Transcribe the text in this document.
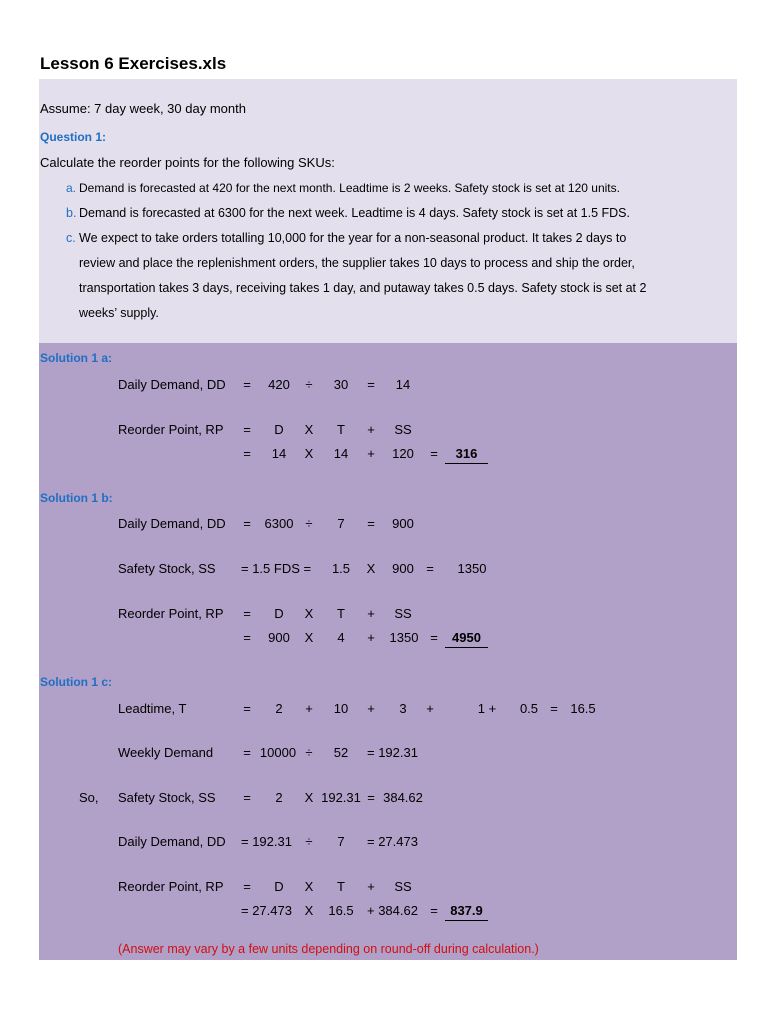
Lesson 6 Exercises.xls
Assume: 7 day week, 30 day month
Question 1:
Calculate the reorder points for the following SKUs:
a. Demand is forecasted at 420 for the next month. Leadtime is 2 weeks. Safety stock is set at 120 units.
b. Demand is forecasted at 6300 for the next week. Leadtime is 4 days. Safety stock is set at 1.5 FDS.
c. We expect to take orders totalling 10,000 for the year for a non-seasonal product. It takes 2 days to
review and place the replenishment orders, the supplier takes 10 days to process and ship the order,
transportation takes 3 days, receiving takes 1 day, and putaway takes 0.5 days. Safety stock is set at 2
weeks’ supply.
Solution 1 a:
Daily Demand, DD	=	420	÷	30	=	14
Reorder Point, RP	=	D	X	T	+	SS
=	14	X	14	+	120	=	316
Solution 1 b:
Daily Demand, DD	=	6300 ÷	7	=	900
Safety Stock, SS = 1.5 FDS =	1.5	X	900 =	1350
Reorder Point, RP	=	D	X	T	+	SS
=	900	X	4	+	1350 =	4950
Solution 1 c:
Leadtime, T	=	2	+	10	+	3	+	1 +	0.5 = 16.5
Weekly Demand	= 10000 ÷	52	= 192.31
So, Safety Stock, SS	=	2	X 192.31 = 384.62
Daily Demand, DD = 192.31	÷	7	= 27.473
Reorder Point, RP	=	D	X	T	+	SS
= 27.473 X	16.5	+ 384.62 = 837.9
(Answer may vary by a few units depending on round-off during calculation.)
